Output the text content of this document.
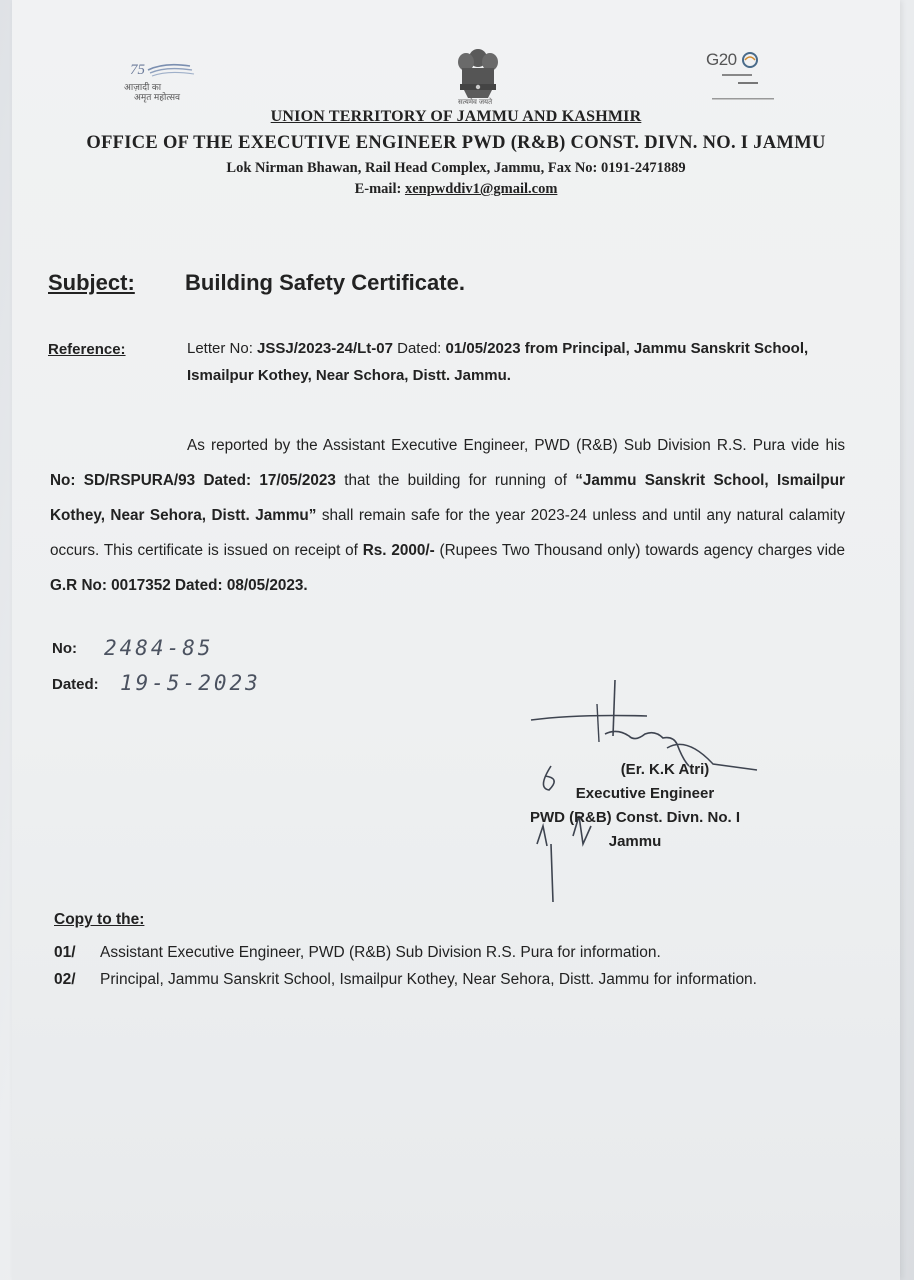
75
आज़ादी का
अमृत महोत्सव
सत्यमेव जयते
G20
UNION TERRITORY OF JAMMU AND KASHMIR
OFFICE OF THE EXECUTIVE ENGINEER PWD (R&B) CONST. DIVN. NO. I JAMMU
Lok Nirman Bhawan, Rail Head Complex, Jammu, Fax No: 0191-2471889
E-mail: xenpwddiv1@gmail.com
Subject: Building Safety Certificate.
Reference:	Letter No: JSSJ/2023-24/Lt-07 Dated: 01/05/2023 from Principal, Jammu Sanskrit School, Ismailpur Kothey, Near Schora, Distt. Jammu.
As reported by the Assistant Executive Engineer, PWD (R&B) Sub Division R.S. Pura vide his No: SD/RSPURA/93 Dated: 17/05/2023 that the building for running of “Jammu Sanskrit School, Ismailpur Kothey, Near Sehora, Distt. Jammu” shall remain safe for the year 2023-24 unless and until any natural calamity occurs. This certificate is issued on receipt of Rs. 2000/- (Rupees Two Thousand only) towards agency charges vide G.R No: 0017352 Dated: 08/05/2023.
No: 2484-85
Dated: 19-5-2023
(Er. K.K Atri)
Executive Engineer
PWD (R&B) Const. Divn. No. I
Jammu
Copy to the:
01/ Assistant Executive Engineer, PWD (R&B) Sub Division R.S. Pura for information.
02/ Principal, Jammu Sanskrit School, Ismailpur Kothey, Near Sehora, Distt. Jammu for information.
